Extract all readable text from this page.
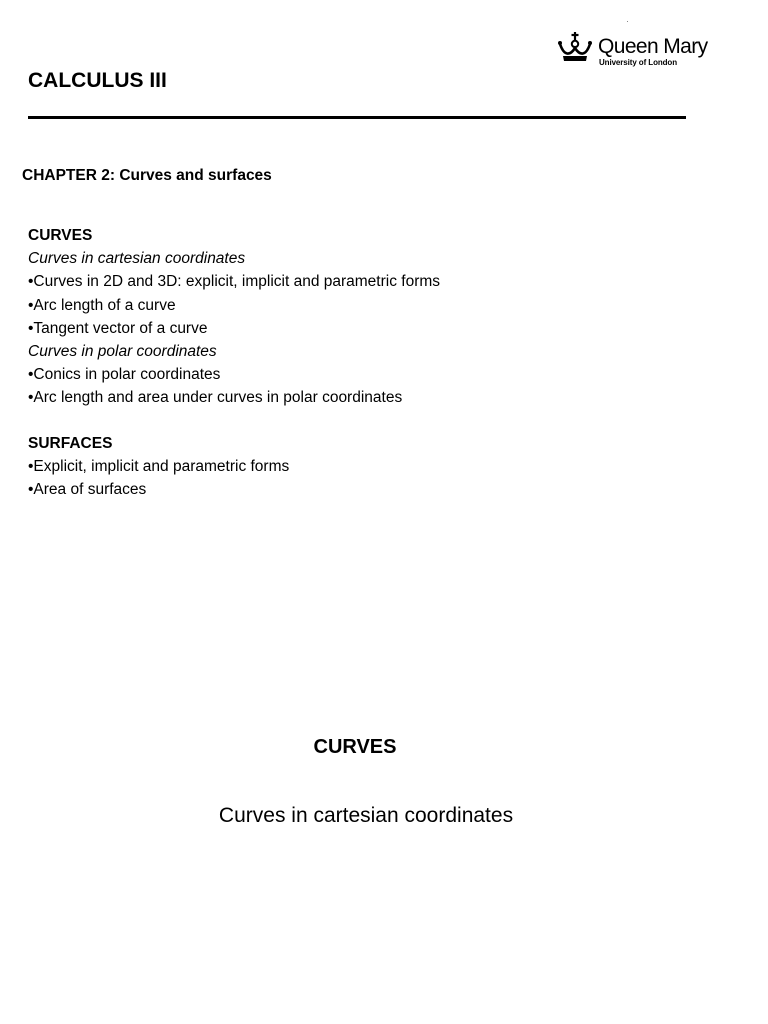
Queen Mary
University of London
CALCULUS III
CHAPTER 2: Curves and surfaces
CURVES
Curves in cartesian coordinates
•Curves in 2D and 3D: explicit, implicit and parametric forms
•Arc length of a curve
•Tangent vector of a curve
Curves in polar coordinates
•Conics in polar coordinates
•Arc length and area under curves in polar coordinates
SURFACES
•Explicit, implicit and parametric forms
•Area of surfaces
CURVES
Curves in cartesian coordinates
